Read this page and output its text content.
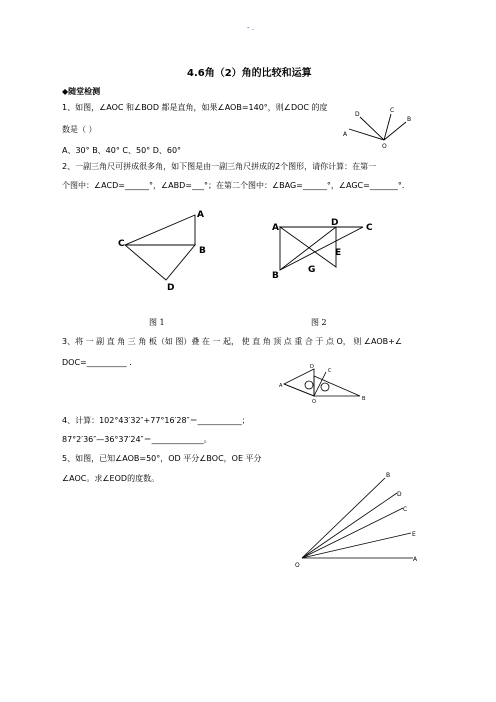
- .
4.6角（2）角的比较和运算
◆随堂检测
1、如图，∠AOC 和∠BOD 都是直角，如果∠AOB=140°，则∠DOC 的度
数是（ ）
A、30° B、40° C、50° D、60°
A
D
C
B
O
2、一副三角尺可拼成很多角，如下图是由一副三角尺拼成的2个图形，请你计算：在第一
个图中：∠ACD=______°，∠ABD=___°；在第二个图中：∠BAG=______°，∠AGC=_______°.
A
B
C
D
A
B
C
D
E
G
图 1	图 2
3、将 一 副 直 角 三 角 板（如 图）叠 在 一 起， 使 直 角 顶 点 重 合 于 点 O， 则 ∠AOB+∠
DOC=__________ .
A
B
C
D
O
4、计算：102°43′32″+77°16′28″＝___________；
87°2′36″—36°37′24″＝_____________。
5、如图，已知∠AOB=50°，OD 平分∠BOC，OE 平分
∠AOC。求∠EOD的度数。
O
A
E
C
D
B
